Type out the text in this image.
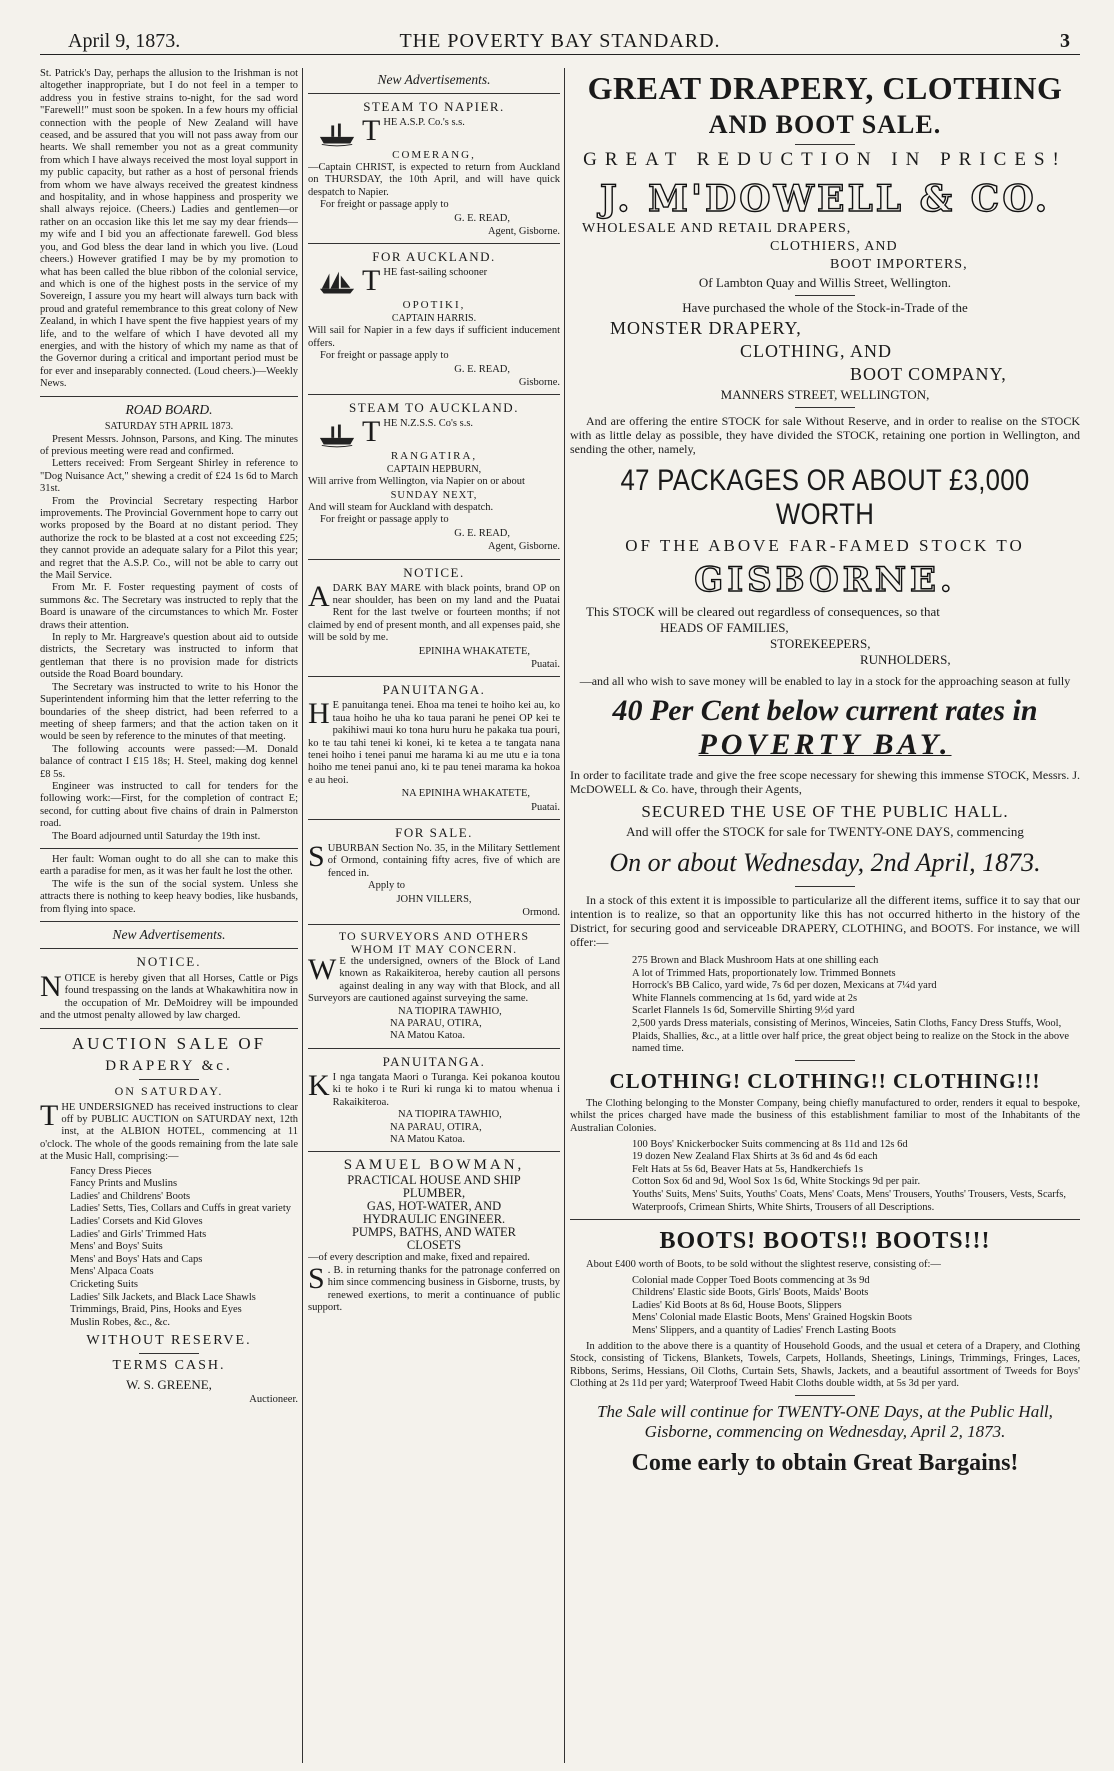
April 9, 1873.	THE POVERTY BAY STANDARD.	3

St. Patrick's Day, perhaps the allusion to the Irishman is not altogether inappropriate, but I do not feel in a temper to address you in festive strains to-night, for the sad word "Farewell!" must soon be spoken. In a few hours my official connection with the people of New Zealand will have ceased, and be assured that you will not pass away from our hearts. We shall remember you not as a great community from which I have always received the most loyal support in my public capacity, but rather as a host of personal friends from whom we have always received the greatest kindness and hospitality, and in whose happiness and prosperity we shall always rejoice. (Cheers.) Ladies and gentlemen—or rather on an occasion like this let me say my dear friends—my wife and I bid you an affectionate farewell. God bless you, and God bless the dear land in which you live. (Loud cheers.) However gratified I may be by my promotion to what has been called the blue ribbon of the colonial service, and which is one of the highest posts in the service of my Sovereign, I assure you my heart will always turn back with proud and grateful remembrance to this great colony of New Zealand, in which I have spent the five happiest years of my life, and to the welfare of which I have devoted all my energies, and with the history of which my name as that of the Governor during a critical and important period must be for ever and inseparably connected. (Loud cheers.)—Weekly News.

ROAD BOARD.
SATURDAY 5TH APRIL 1873.

Present Messrs. Johnson, Parsons, and King. The minutes of previous meeting were read and confirmed.

Letters received: From Sergeant Shirley in reference to "Dog Nuisance Act," shewing a credit of £24 1s 6d to March 31st.

From the Provincial Secretary respecting Harbor improvements. The Provincial Government hope to carry out works proposed by the Board at no distant period. They authorize the rock to be blasted at a cost not exceeding £25; they cannot provide an adequate salary for a Pilot this year; and regret that the A.S.P. Co., will not be able to carry out the Mail Service.

From Mr. F. Foster requesting payment of costs of summons &c. The Secretary was instructed to reply that the Board is unaware of the circumstances to which Mr. Foster draws their attention.

In reply to Mr. Hargreave's question about aid to outside districts, the Secretary was instructed to inform that gentleman that there is no provision made for districts outside the Road Board boundary.

The Secretary was instructed to write to his Honor the Superintendent informing him that the letter referring to the boundaries of the sheep district, had been referred to a meeting of sheep farmers; and that the action taken on it would be seen by reference to the minutes of that meeting.

The following accounts were passed:—M. Donald balance of contract I £15 18s; H. Steel, making dog kennel £8 5s.

Engineer was instructed to call for tenders for the following work:—First, for the completion of contract E; second, for cutting about five chains of drain in Palmerston road.

The Board adjourned until Saturday the 19th inst.

Her fault: Woman ought to do all she can to make this earth a paradise for men, as it was her fault he lost the other.

The wife is the sun of the social system. Unless she attracts there is nothing to keep heavy bodies, like husbands, from flying into space.

New Advertisements.
NOTICE.

NOTICE is hereby given that all Horses, Cattle or Pigs found trespassing on the lands at Whakawhitira now in the occupation of Mr. DeMoidrey will be impounded and the utmost penalty allowed by law charged.

AUCTION SALE OF
DRAPERY &c.
ON SATURDAY.

THE UNDERSIGNED has received instructions to clear off by PUBLIC AUCTION on SATURDAY next, 12th inst, at the ALBION HOTEL, commencing at 11 o'clock. The whole of the goods remaining from the late sale at the Music Hall, comprising:—

Fancy Dress Pieces
Fancy Prints and Muslins
Ladies' and Childrens' Boots
Ladies' Setts, Ties, Collars and Cuffs in great variety
Ladies' Corsets and Kid Gloves
Ladies' and Girls' Trimmed Hats
Mens' and Boys' Suits
Mens' and Boys' Hats and Caps
Mens' Alpaca Coats
Cricketing Suits
Ladies' Silk Jackets, and Black Lace Shawls
Trimmings, Braid, Pins, Hooks and Eyes
Muslin Robes, &c., &c.
WITHOUT RESERVE.
TERMS CASH.
W. S. GREENE,
Auctioneer.
New Advertisements.
STEAM TO NAPIER.

THE A.S.P. Co.'s s.s.

COMERANG,

—Captain CHRIST, is expected to return from Auckland on THURSDAY, the 10th April, and will have quick despatch to Napier.

For freight or passage apply to

G. E. READ,
Agent, Gisborne.
FOR AUCKLAND.

THE fast-sailing schooner

OPOTIKI,
CAPTAIN HARRIS.

Will sail for Napier in a few days if sufficient inducement offers.

For freight or passage apply to

G. E. READ,
Gisborne.
STEAM TO AUCKLAND.

THE N.Z.S.S. Co's s.s.

RANGATIRA,
CAPTAIN HEPBURN,

Will arrive from Wellington, via Napier on or about

SUNDAY NEXT,

And will steam for Auckland with despatch.

For freight or passage apply to

G. E. READ,
Agent, Gisborne.
NOTICE.

ADARK BAY MARE with black points, brand OP on near shoulder, has been on my land and the Puatai Rent for the last twelve or fourteen months; if not claimed by end of present month, and all expenses paid, she will be sold by me.

EPINIHA WHAKATETE,
Puatai.
PANUITANGA.

H E panuitanga tenei. Ehoa ma tenei te hoiho kei au, ko taua hoiho he uha ko taua parani he penei OP kei te pakihiwi maui ko tona huru huru he pakaka tua pouri, ko te tau tahi tenei ki konei, ki te ketea a te tangata nana tenei hoiho i tenei panui me harama ki au me utu e ia tona hoiho me tenei panui ano, ki te pau tenei marama ka hokoa e au heoi.

NA EPINIHA WHAKATETE,
Puatai.
FOR SALE.

SUBURBAN Section No. 35, in the Military Settlement of Ormond, containing fifty acres, five of which are fenced in.

Apply to
JOHN VILLERS,
Ormond.
TO SURVEYORS AND OTHERS
WHOM IT MAY CONCERN.

W E the undersigned, owners of the Block of Land known as Rakaikiteroa, hereby caution all persons against dealing in any way with that Block, and all Surveyors are cautioned against surveying the same.

NA TIOPIRA TAWHIO,
NA PARAU, OTIRA,
NA Matou Katoa.
PANUITANGA.

K I nga tangata Maori o Turanga. Kei pokanoa koutou ki te hoko i te Ruri ki runga ki to matou whenua i Rakaikiteroa.

NA TIOPIRA TAWHIO,
NA PARAU, OTIRA,
NA Matou Katoa.
SAMUEL BOWMAN,
PRACTICAL HOUSE AND SHIP
PLUMBER,
GAS, HOT-WATER, AND
HYDRAULIC ENGINEER.
PUMPS, BATHS, AND WATER
CLOSETS

—of every description and make, fixed and repaired.

S . B. in returning thanks for the patronage conferred on him since commencing business in Gisborne, trusts, by renewed exertions, to merit a continuance of public support.

GREAT DRAPERY, CLOTHING
AND BOOT SALE.
GREAT REDUCTION IN PRICES!
J. M'DOWELL & CO.
WHOLESALE AND RETAIL DRAPERS,
CLOTHIERS, AND
BOOT IMPORTERS,
Of Lambton Quay and Willis Street, Wellington.
Have purchased the whole of the Stock-in-Trade of the
MONSTER DRAPERY,
CLOTHING, AND
BOOT COMPANY,
MANNERS STREET, WELLINGTON,

And are offering the entire STOCK for sale Without Reserve, and in order to realise on the STOCK with as little delay as possible, they have divided the STOCK, retaining one portion in Wellington, and sending the other, namely,

47 PACKAGES OR ABOUT £3,000 WORTH
OF THE ABOVE FAR-FAMED STOCK TO
GISBORNE.
This STOCK will be cleared out regardless of consequences, so that
HEADS OF FAMILIES,
STOREKEEPERS,
RUNHOLDERS,

—and all who wish to save money will be enabled to lay in a stock for the approaching season at fully

40 Per Cent below current rates in
POVERTY BAY.

In order to facilitate trade and give the free scope necessary for shewing this immense STOCK, Messrs. J. McDOWELL & Co. have, through their Agents,

SECURED THE USE OF THE PUBLIC HALL.
And will offer the STOCK for sale for TWENTY-ONE DAYS, commencing
On or about Wednesday, 2nd April, 1873.

In a stock of this extent it is impossible to particularize all the different items, suffice it to say that our intention is to realize, so that an opportunity like this has not occurred hitherto in the history of the District, for securing good and serviceable DRAPERY, CLOTHING, and BOOTS. For instance, we will offer:—

275 Brown and Black Mushroom Hats at one shilling each
A lot of Trimmed Hats, proportionately low. Trimmed Bonnets
Horrock's BB Calico, yard wide, 7s 6d per dozen, Mexicans at 7¼d yard
White Flannels commencing at 1s 6d, yard wide at 2s
Scarlet Flannels 1s 6d, Somerville Shirting 9½d yard
2,500 yards Dress materials, consisting of Merinos, Winceies, Satin Cloths, Fancy Dress Stuffs, Wool, Plaids, Shallies, &c., at a little over half price, the great object being to realize on the Stock in the above named time.
CLOTHING! CLOTHING!! CLOTHING!!!

The Clothing belonging to the Monster Company, being chiefly manufactured to order, renders it equal to bespoke, whilst the prices charged have made the business of this establishment familiar to most of the Inhabitants of the Australian Colonies.

100 Boys' Knickerbocker Suits commencing at 8s 11d and 12s 6d
19 dozen New Zealand Flax Shirts at 3s 6d and 4s 6d each
Felt Hats at 5s 6d, Beaver Hats at 5s, Handkerchiefs 1s
Cotton Sox 6d and 9d, Wool Sox 1s 6d, White Stockings 9d per pair.
Youths' Suits, Mens' Suits, Youths' Coats, Mens' Coats, Mens' Trousers, Youths' Trousers, Vests, Scarfs, Waterproofs, Crimean Shirts, White Shirts, Trousers of all Descriptions.
BOOTS! BOOTS!! BOOTS!!!

About £400 worth of Boots, to be sold without the slightest reserve, consisting of:—

Colonial made Copper Toed Boots commencing at 3s 9d
Childrens' Elastic side Boots, Girls' Boots, Maids' Boots
Ladies' Kid Boots at 8s 6d, House Boots, Slippers
Mens' Colonial made Elastic Boots, Mens' Grained Hogskin Boots
Mens' Slippers, and a quantity of Ladies' French Lasting Boots

In addition to the above there is a quantity of Household Goods, and the usual et cetera of a Drapery, and Clothing Stock, consisting of Tickens, Blankets, Towels, Carpets, Hollands, Sheetings, Linings, Trimmings, Fringes, Laces, Ribbons, Serims, Hessians, Oil Cloths, Curtain Sets, Shawls, Jackets, and a beautiful assortment of Tweeds for Boys' Clothing at 2s 11d per yard; Waterproof Tweed Habit Cloths double width, at 5s 3d per yard.

The Sale will continue for TWENTY-ONE Days, at the Public Hall, Gisborne, commencing on Wednesday, April 2, 1873.
Come early to obtain Great Bargains!
